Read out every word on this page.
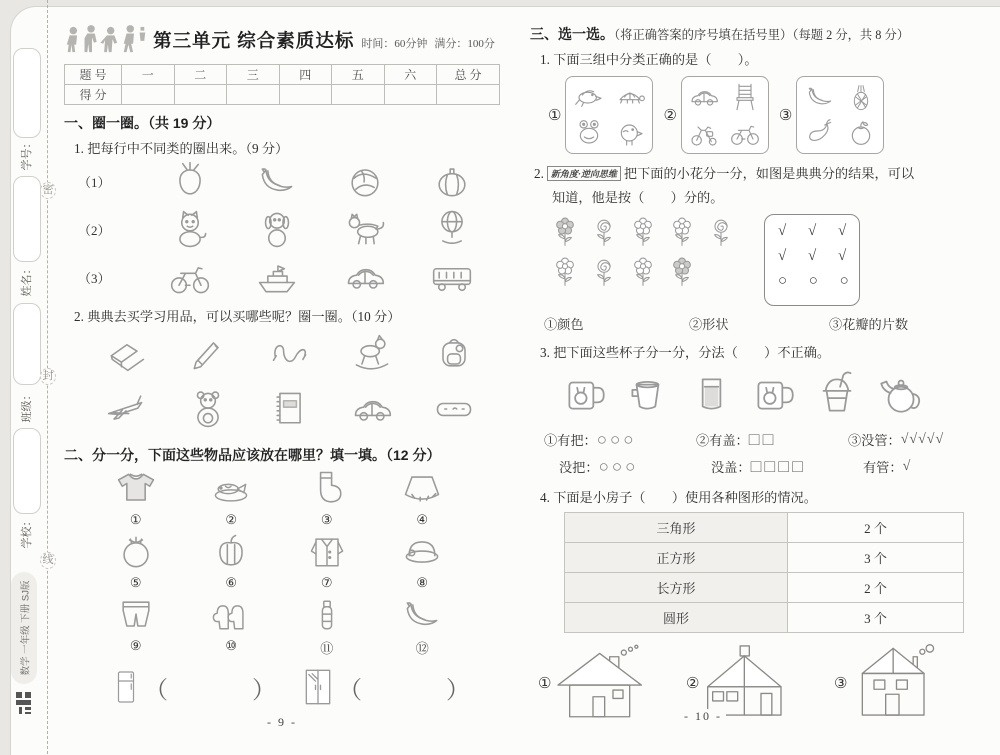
学号：
密
姓名：
封
班级：
学校：
线
数学 一年级 下册 SJ版
第三单元 综合素质达标 时间：60分钟 满分：100分
题 号	一	二	三	四	五	六	总 分
得 分							
一、圈一圈。（共 19 分）
1. 把每行中不同类的圈出来。（9 分）
（1）
（2）
（3）
2. 典典去买学习用品，可以买哪些呢？圈一圈。（10 分）
二、分一分，下面这些物品应该放在哪里？填一填。（12 分）
①	②	③	④
⑤	⑥	⑦	⑧
⑨	⑩	⑪	⑫
（	）	（	）
- 9 -
三、选一选。（将正确答案的序号填在括号里）（每题 2 分，共 8 分）
1. 下面三组中分类正确的是（　　）。
①	②	③
2. 新角度·逆向思维 把下面的小花分一分，如图是典典分的结果，可以
知道，他是按（　　）分的。
√ √ √
√ √ √
○ ○ ○
①颜色	②形状	③花瓣的片数
3. 把下面这些杯子分一分，分法（　　）不正确。
①有把： ○○○	②有盖： □□	③没管： √√√√√
没把： ○○○	没盖： □□□□	有管： √
4. 下面是小房子（　　）使用各种图形的情况。
三角形	2 个
正方形	3 个
长方形	2 个
圆形	3 个
①	②	③
- 10 -
